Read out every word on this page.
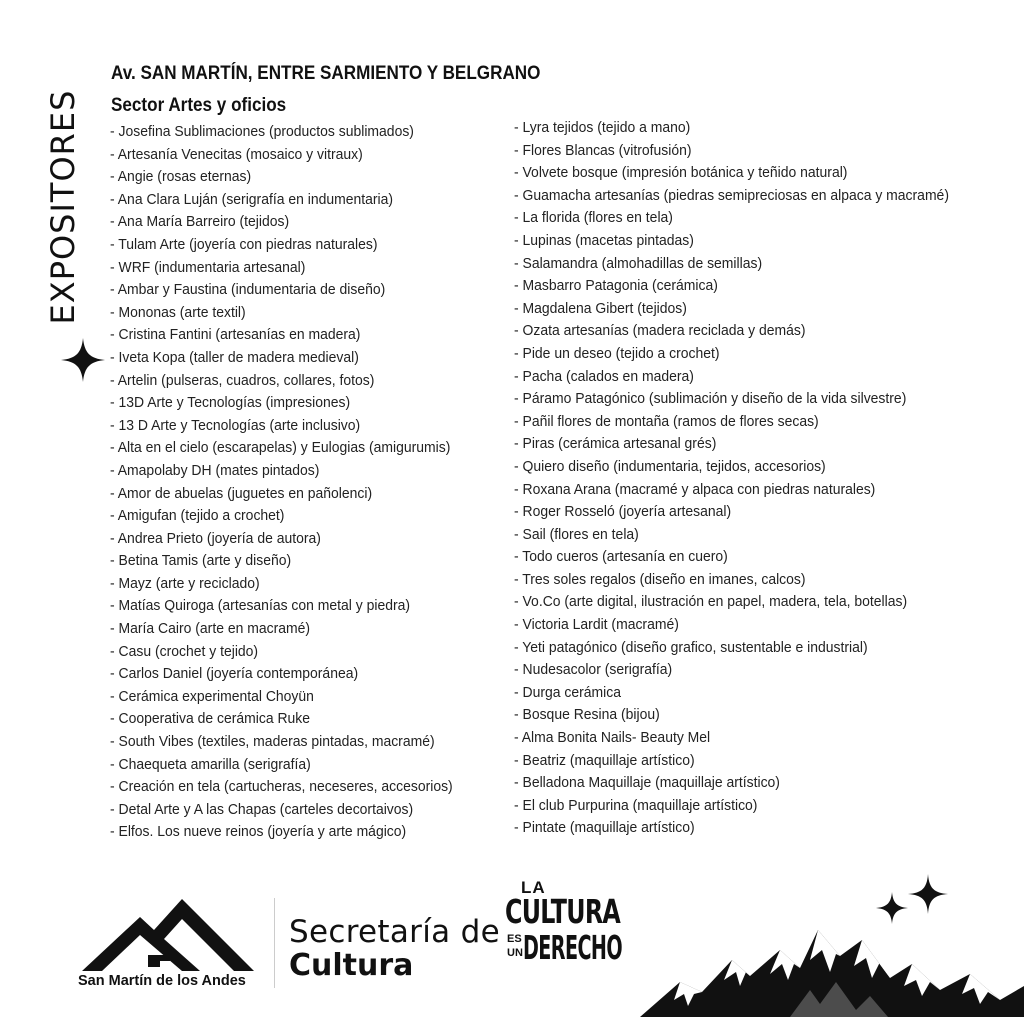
EXPOSITORES
Av. SAN MARTÍN, ENTRE SARMIENTO Y BELGRANO
Sector Artes y oficios
- Josefina Sublimaciones (productos sublimados)
- Artesanía Venecitas (mosaico y vitraux)
- Angie (rosas eternas)
- Ana Clara Luján (serigrafía en indumentaria)
- Ana María Barreiro (tejidos)
- Tulam Arte (joyería con piedras naturales)
- WRF (indumentaria artesanal)
- Ambar y Faustina (indumentaria de diseño)
- Mononas (arte textil)
- Cristina Fantini (artesanías en madera)
- Iveta Kopa (taller de madera medieval)
- Artelin (pulseras, cuadros, collares, fotos)
- 13D Arte y Tecnologías (impresiones)
- 13 D Arte y Tecnologías (arte inclusivo)
- Alta en el cielo (escarapelas) y Eulogias (amigurumis)
- Amapolaby DH (mates pintados)
- Amor de abuelas (juguetes en pañolenci)
- Amigufan (tejido a crochet)
- Andrea Prieto (joyería de autora)
- Betina Tamis (arte y diseño)
- Mayz (arte y reciclado)
- Matías Quiroga (artesanías con metal y piedra)
- María Cairo (arte en macramé)
- Casu (crochet y tejido)
- Carlos Daniel (joyería contemporánea)
- Cerámica experimental Choyün
- Cooperativa de cerámica Ruke
- South Vibes (textiles, maderas pintadas, macramé)
- Chaequeta amarilla (serigrafía)
- Creación en tela (cartucheras, neceseres, accesorios)
- Detal Arte y A las Chapas (carteles decortaivos)
- Elfos. Los nueve reinos (joyería y arte mágico)
- Lyra tejidos (tejido a mano)
- Flores Blancas (vitrofusión)
- Volvete bosque (impresión botánica y teñido natural)
- Guamacha artesanías (piedras semipreciosas en alpaca y macramé)
- La florida (flores en tela)
- Lupinas (macetas pintadas)
- Salamandra (almohadillas de semillas)
- Masbarro Patagonia (cerámica)
- Magdalena Gibert (tejidos)
- Ozata artesanías (madera reciclada y demás)
- Pide un deseo (tejido a crochet)
- Pacha (calados en madera)
- Páramo Patagónico (sublimación y diseño de la vida silvestre)
- Pañil flores de montaña (ramos de flores secas)
- Piras (cerámica artesanal grés)
- Quiero diseño (indumentaria, tejidos, accesorios)
- Roxana Arana (macramé y alpaca con piedras naturales)
- Roger Rosseló (joyería artesanal)
- Sail (flores en tela)
- Todo cueros (artesanía en cuero)
- Tres soles regalos (diseño en imanes, calcos)
- Vo.Co (arte digital, ilustración en papel, madera, tela, botellas)
- Victoria Lardit (macramé)
- Yeti patagónico (diseño grafico, sustentable e industrial)
- Nudesacolor (serigrafía)
- Durga cerámica
- Bosque Resina (bijou)
- Alma Bonita Nails- Beauty Mel
- Beatriz (maquillaje artístico)
- Belladona Maquillaje (maquillaje artístico)
- El club Purpurina (maquillaje artístico)
- Pintate (maquillaje artístico)
San Martín de los Andes
Secretaría de
Cultura
LA
CULTURA
ES
UN DERECHO
